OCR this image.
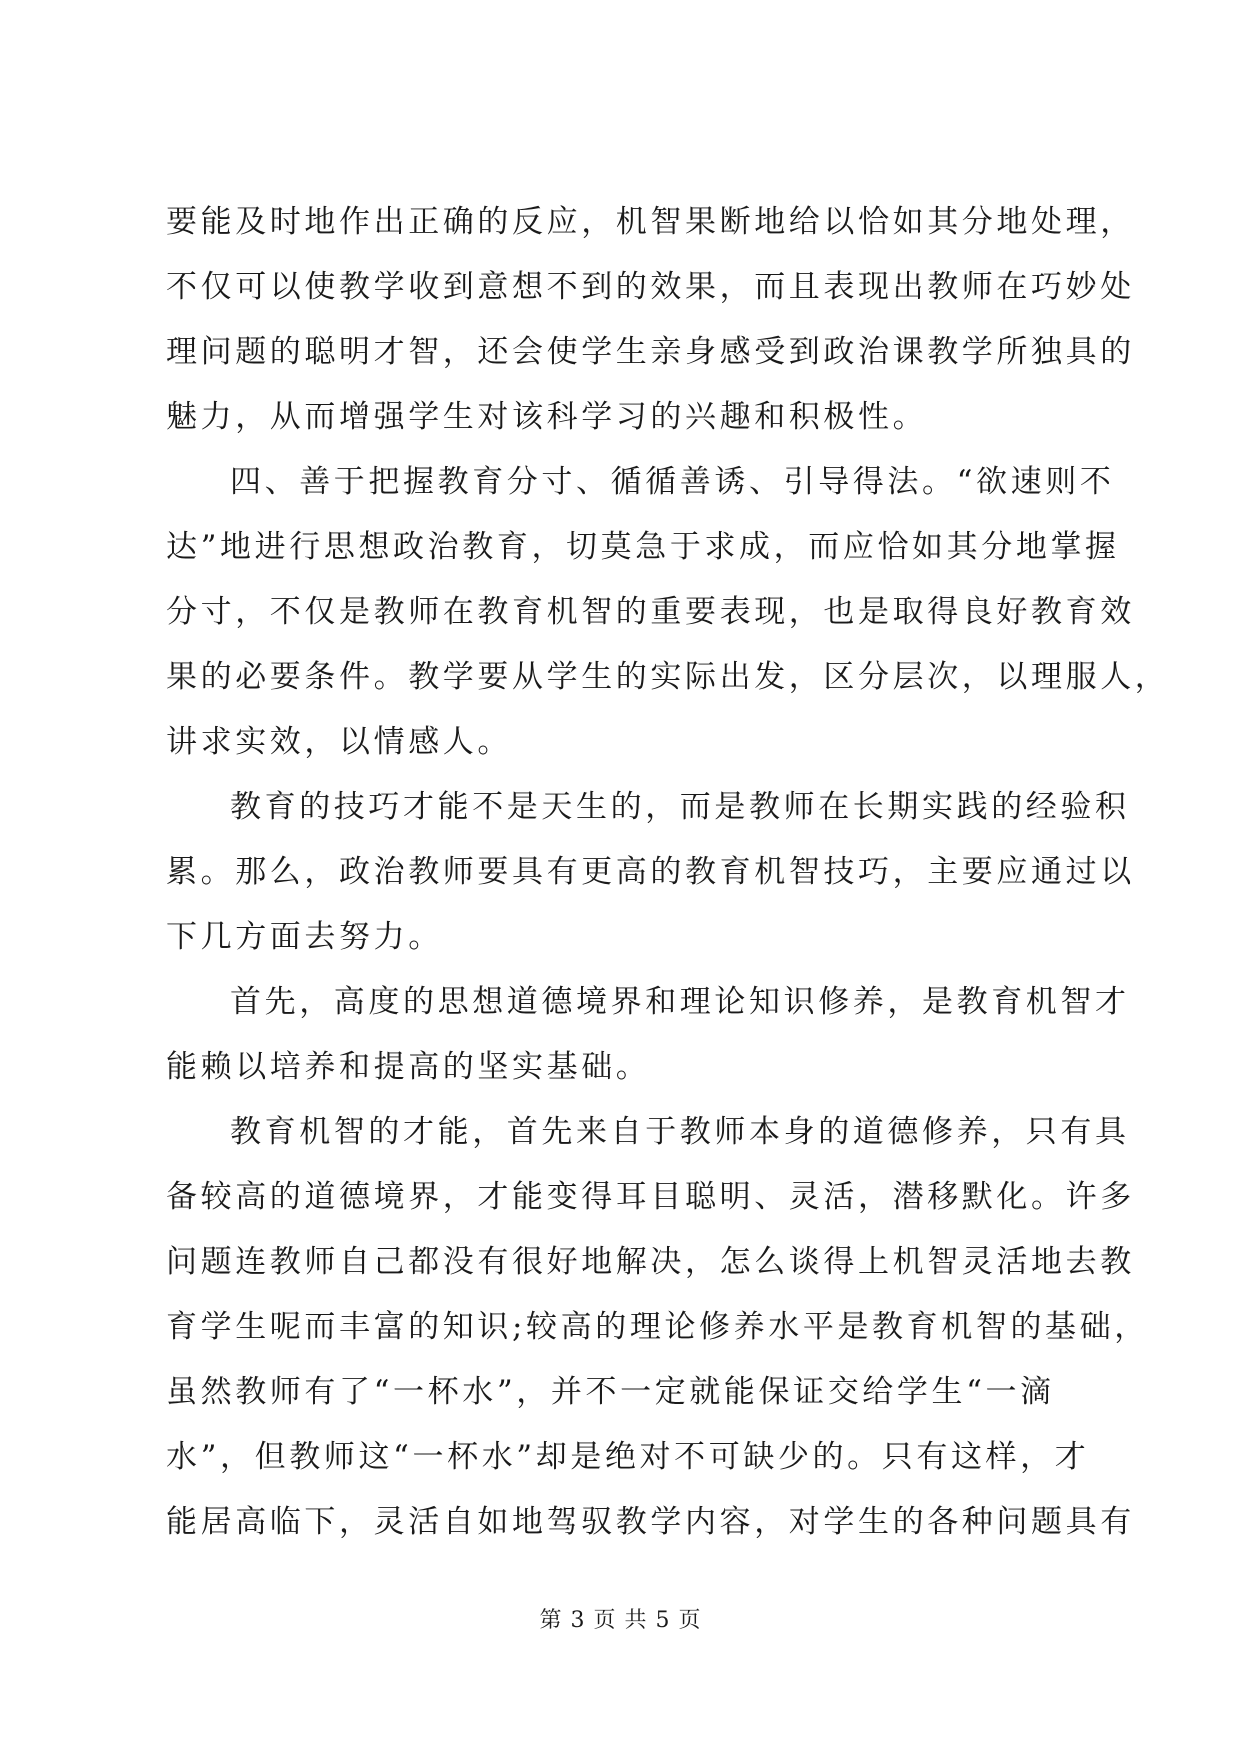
要能及时地作出正确的反应，机智果断地给以恰如其分地处理，
不仅可以使教学收到意想不到的效果，而且表现出教师在巧妙处
理问题的聪明才智，还会使学生亲身感受到政治课教学所独具的
魅力，从而增强学生对该科学习的兴趣和积极性。
四、善于把握教育分寸、循循善诱、引导得法。“欲速则不
达”地进行思想政治教育，切莫急于求成，而应恰如其分地掌握
分寸，不仅是教师在教育机智的重要表现，也是取得良好教育效
果的必要条件。教学要从学生的实际出发，区分层次，以理服人，
讲求实效，以情感人。
教育的技巧才能不是天生的，而是教师在长期实践的经验积
累。那么，政治教师要具有更高的教育机智技巧，主要应通过以
下几方面去努力。
首先，高度的思想道德境界和理论知识修养，是教育机智才
能赖以培养和提高的坚实基础。
教育机智的才能，首先来自于教师本身的道德修养，只有具
备较高的道德境界，才能变得耳目聪明、灵活，潜移默化。许多
问题连教师自己都没有很好地解决，怎么谈得上机智灵活地去教
育学生呢而丰富的知识;较高的理论修养水平是教育机智的基础，
虽然教师有了“一杯水”，并不一定就能保证交给学生“一滴
水”，但教师这“一杯水”却是绝对不可缺少的。只有这样，才
能居高临下，灵活自如地驾驭教学内容，对学生的各种问题具有
第 3 页 共 5 页
